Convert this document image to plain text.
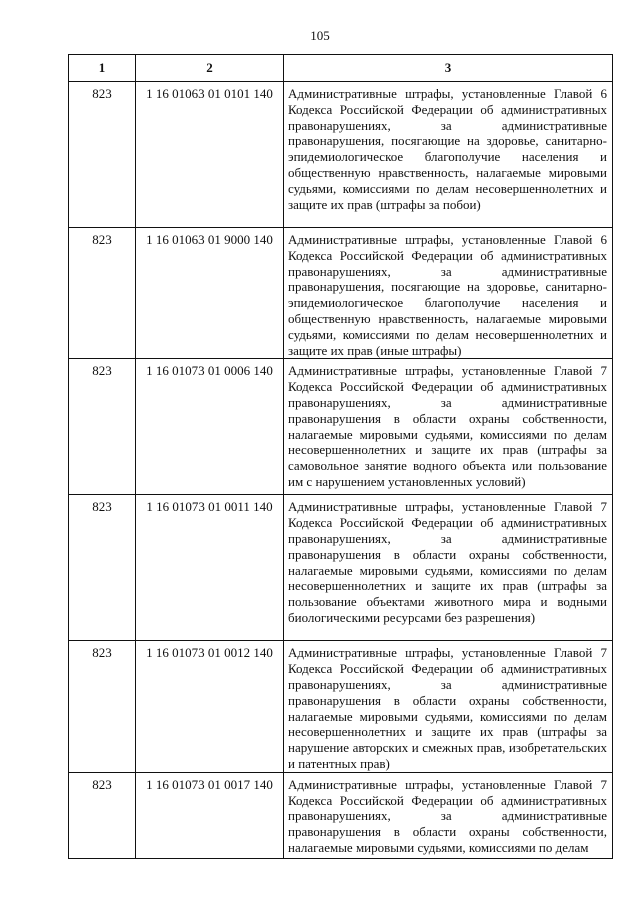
105
1	2	3
823	1 16 01063 01 0101 140	Административные штрафы, установленные Главой 6 Кодекса Российской Федерации об административных правонарушениях, за административные правонарушения, посягающие на здоровье, санитарно-эпидемиологическое благополучие населения и общественную нравственность, налагаемые мировыми судьями, комиссиями по делам несовершеннолетних и защите их прав (штрафы за побои)

823	1 16 01063 01 9000 140	Административные штрафы, установленные Главой 6 Кодекса Российской Федерации об административных правонарушениях, за административные правонарушения, посягающие на здоровье, санитарно-эпидемиологическое благополучие населения и общественную нравственность, налагаемые мировыми судьями, комиссиями по делам несовершеннолетних и защите их прав (иные штрафы)

823	1 16 01073 01 0006 140	Административные штрафы, установленные Главой 7 Кодекса Российской Федерации об административных правонарушениях, за административные правонарушения в области охраны собственности, налагаемые мировыми судьями, комиссиями по делам несовершеннолетних и защите их прав (штрафы за самовольное занятие водного объекта или пользование им с нарушением установленных условий)

823	1 16 01073 01 0011 140	Административные штрафы, установленные Главой 7 Кодекса Российской Федерации об административных правонарушениях, за административные правонарушения в области охраны собственности, налагаемые мировыми судьями, комиссиями по делам несовершеннолетних и защите их прав (штрафы за пользование объектами животного мира и водными биологическими ресурсами без разрешения)

823	1 16 01073 01 0012 140	Административные штрафы, установленные Главой 7 Кодекса Российской Федерации об административных правонарушениях, за административные правонарушения в области охраны собственности, налагаемые мировыми судьями, комиссиями по делам несовершеннолетних и защите их прав (штрафы за нарушение авторских и смежных прав, изобретательских и патентных прав)

823	1 16 01073 01 0017 140	Административные штрафы, установленные Главой 7 Кодекса Российской Федерации об административных правонарушениях, за административные правонарушения в области охраны собственности, налагаемые мировыми судьями, комиссиями по делам
